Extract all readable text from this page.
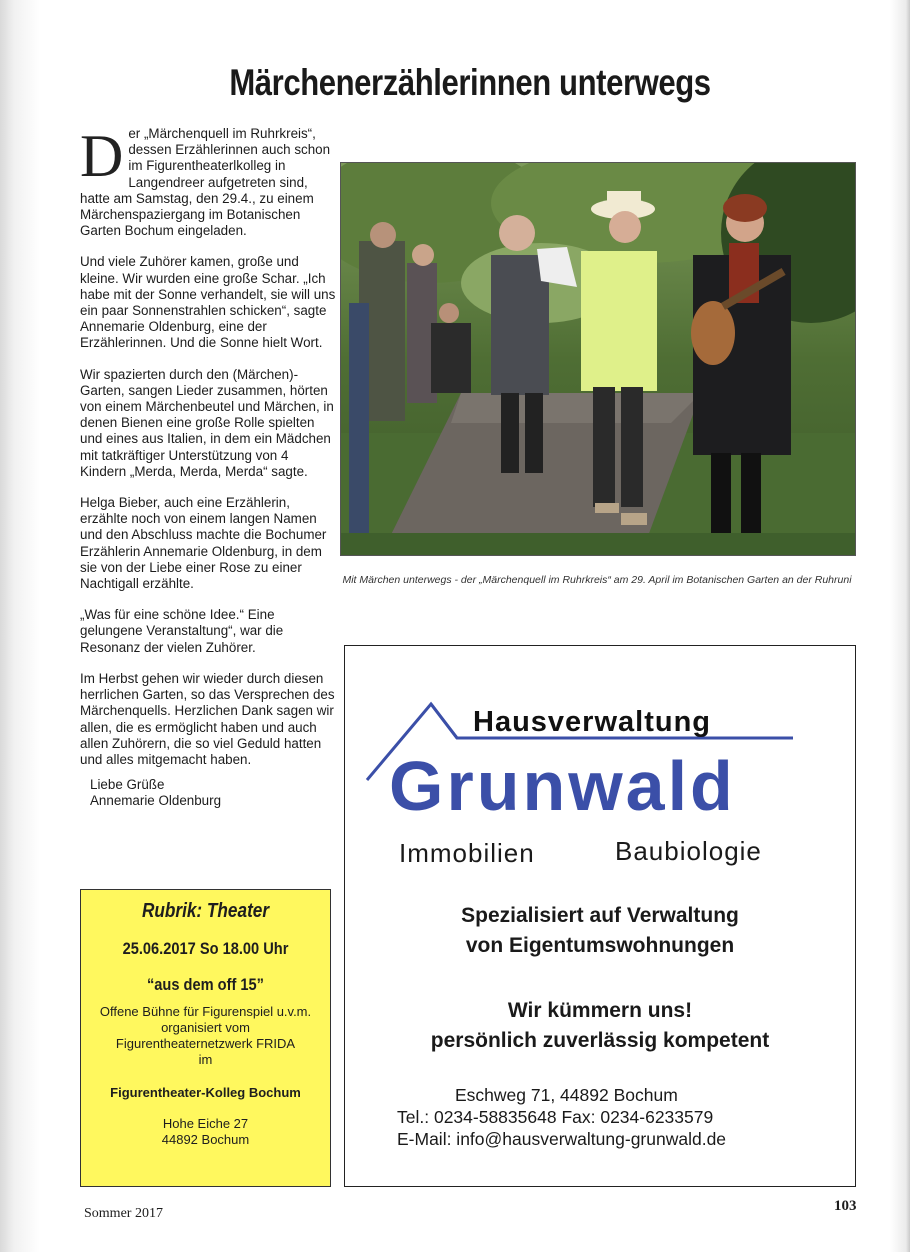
Märchenerzählerinnen unterwegs

Der „Märchenquell im Ruhrkreis“, dessen Erzählerinnen auch schon im Figurentheaterlkolleg in Langendreer aufgetreten sind, hatte am Samstag, den 29.4., zu einem Märchenspaziergang im Botanischen Garten Bochum eingeladen.

Und viele Zuhörer kamen, große und kleine. Wir wurden eine große Schar. „Ich habe mit der Sonne verhandelt, sie will uns ein paar Sonnenstrahlen schicken“, sagte Annemarie Oldenburg, eine der Erzählerinnen. Und die Sonne hielt Wort.

Wir spazierten durch den (Märchen)-Garten, sangen Lieder zusammen, hörten von einem Märchenbeutel und Märchen, in denen Bienen eine große Rolle spielten und eines aus Italien, in dem ein Mädchen mit tatkräftiger Unterstützung von 4 Kindern „Merda, Merda, Merda“ sagte.

Helga Bieber, auch eine Erzählerin, erzählte noch von einem langen Namen und den Abschluss machte die Bochumer Erzählerin Annemarie Oldenburg, in dem sie von der Liebe einer Rose zu einer Nachtigall erzählte.

„Was für eine schöne Idee.“ Eine gelungene Veranstaltung“, war die Resonanz der vielen Zuhörer.

Im Herbst gehen wir wieder durch diesen herrlichen Garten, so das Versprechen des Märchenquells. Herzlichen Dank sagen wir allen, die es ermöglicht haben und auch allen Zuhörern, die so viel Geduld hatten und alles mitgemacht haben.

Liebe Grüße
Annemarie Oldenburg
Mit Märchen unterwegs - der „Märchenquell im Ruhrkreis“ am 29. April im Botanischen Garten an der Ruhruni
Rubrik: Theater
25.06.2017 So 18.00 Uhr
“aus dem off 15”
Offene Bühne für Figurenspiel u.v.m.
organisiert vom
Figurentheaternetzwerk FRIDA
im
Figurentheater-Kolleg Bochum
Hohe Eiche 27
44892 Bochum
Hausverwaltung
Grunwald
Immobilien	Baubiologie
Spezialisiert auf Verwaltung
von Eigentumswohnungen
Wir kümmern uns!
persönlich zuverlässig kompetent
Eschweg 71, 44892 Bochum
Tel.: 0234-58835648 Fax: 0234-6233579
E-Mail: info@hausverwaltung-grunwald.de
Sommer 2017	103
